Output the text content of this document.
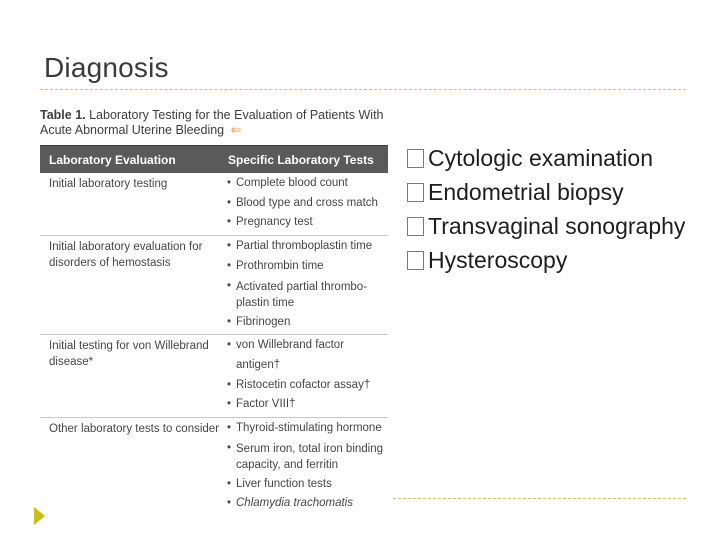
Diagnosis
Table 1. Laboratory Testing for the Evaluation of Patients With Acute Abnormal Uterine Bleeding ⇐
Laboratory Evaluation	Specific Laboratory Tests
Initial laboratory testing	• Complete blood count
• Blood type and cross match
• Pregnancy test
Initial laboratory evaluation for disorders of hemostasis
• Partial thromboplastin time
• Prothrombin time
• Activated partial thrombo-plastin time
• Fibrinogen
Initial testing for von Willebrand disease*
• von Willebrand factor antigen†
• Ristocetin cofactor assay†
• Factor VIII†
Other laboratory tests to consider • Thyroid-stimulating hormone
• Serum iron, total iron binding capacity, and ferritin
• Liver function tests
• Chlamydia trachomatis
Cytologic examination
Endometrial biopsy
Transvaginal sonography
Hysteroscopy
